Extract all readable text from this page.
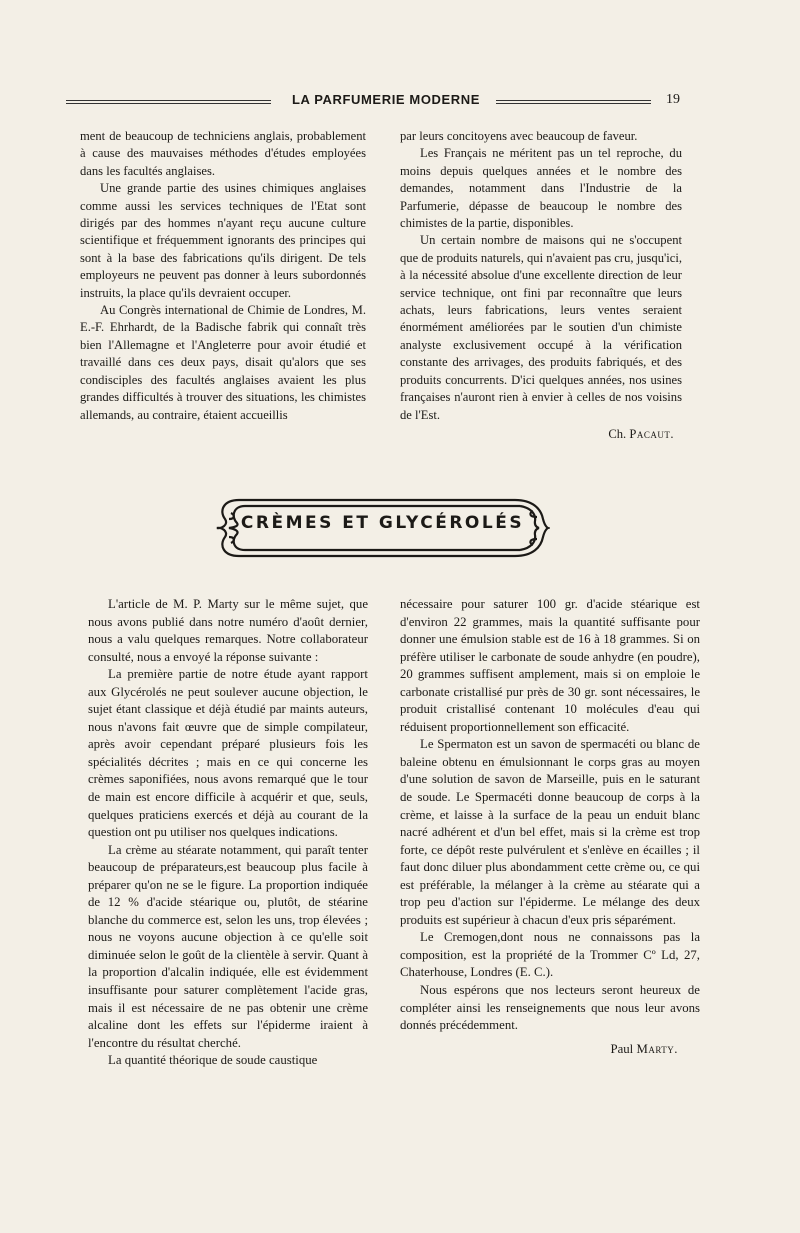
LA PARFUMERIE MODERNE	19

ment de beaucoup de techniciens anglais, probablement à cause des mauvaises méthodes d'études employées dans les facultés anglaises.

Une grande partie des usines chimiques anglaises comme aussi les services techniques de l'Etat sont dirigés par des hommes n'ayant reçu aucune culture scientifique et fréquemment ignorants des principes qui sont à la base des fabrications qu'ils dirigent. De tels employeurs ne peuvent pas donner à leurs subordonnés instruits, la place qu'ils devraient occuper.

Au Congrès international de Chimie de Londres, M. E.-F. Ehrhardt, de la Badische fabrik qui connaît très bien l'Allemagne et l'Angleterre pour avoir étudié et travaillé dans ces deux pays, disait qu'alors que ses condisciples des facultés anglaises avaient les plus grandes difficultés à trouver des situations, les chimistes allemands, au contraire, étaient accueillis

par leurs concitoyens avec beaucoup de faveur.

Les Français ne méritent pas un tel reproche, du moins depuis quelques années et le nombre des demandes, notamment dans l'Industrie de la Parfumerie, dépasse de beaucoup le nombre des chimistes de la partie, disponibles.

Un certain nombre de maisons qui ne s'occupent que de produits naturels, qui n'avaient pas cru, jusqu'ici, à la nécessité absolue d'une excellente direction de leur service technique, ont fini par reconnaître que leurs achats, leurs fabrications, leurs ventes seraient énormément améliorées par le soutien d'un chimiste analyste exclusivement occupé à la vérification constante des arrivages, des produits fabriqués, et des produits concurrents. D'ici quelques années, nos usines françaises n'auront rien à envier à celles de nos voisins de l'Est.

Ch. Pacaut.
CRÈMES ET GLYCÉROLÉS

L'article de M. P. Marty sur le même sujet, que nous avons publié dans notre numéro d'août dernier, nous a valu quelques remarques. Notre collaborateur consulté, nous a envoyé la réponse suivante :

La première partie de notre étude ayant rapport aux Glycérolés ne peut soulever aucune objection, le sujet étant classique et déjà étudié par maints auteurs, nous n'avons fait œuvre que de simple compilateur, après avoir cependant préparé plusieurs fois les spécialités décrites ; mais en ce qui concerne les crèmes saponifiées, nous avons remarqué que le tour de main est encore difficile à acquérir et que, seuls, quelques praticiens exercés et déjà au courant de la question ont pu utiliser nos quelques indications.

La crème au stéarate notamment, qui paraît tenter beaucoup de préparateurs,est beaucoup plus facile à préparer qu'on ne se le figure. La proportion indiquée de 12 % d'acide stéarique ou, plutôt, de stéarine blanche du commerce est, selon les uns, trop élevées ; nous ne voyons aucune objection à ce qu'elle soit diminuée selon le goût de la clientèle à servir. Quant à la proportion d'alcalin indiquée, elle est évidemment insuffisante pour saturer complètement l'acide gras, mais il est nécessaire de ne pas obtenir une crème alcaline dont les effets sur l'épiderme iraient à l'encontre du résultat cherché.

La quantité théorique de soude caustique

nécessaire pour saturer 100 gr. d'acide stéarique est d'environ 22 grammes, mais la quantité suffisante pour donner une émulsion stable est de 16 à 18 grammes. Si on préfère utiliser le carbonate de soude anhydre (en poudre), 20 grammes suffisent amplement, mais si on emploie le carbonate cristallisé pur près de 30 gr. sont nécessaires, le produit cristallisé contenant 10 molécules d'eau qui réduisent proportionnellement son efficacité.

Le Spermaton est un savon de spermacéti ou blanc de baleine obtenu en émulsionnant le corps gras au moyen d'une solution de savon de Marseille, puis en le saturant de soude. Le Spermacéti donne beaucoup de corps à la crème, et laisse à la surface de la peau un enduit blanc nacré adhérent et d'un bel effet, mais si la crème est trop forte, ce dépôt reste pulvérulent et s'enlève en écailles ; il faut donc diluer plus abondamment cette crème ou, ce qui est préférable, la mélanger à la crème au stéarate qui a trop peu d'action sur l'épiderme. Le mélange des deux produits est supérieur à chacun d'eux pris séparément.

Le Cremogen,dont nous ne connaissons pas la composition, est la propriété de la Trommer Cº Ld, 27, Chaterhouse, Londres (E. C.).

Nous espérons que nos lecteurs seront heureux de compléter ainsi les renseignements que nous leur avons donnés précédemment.

Paul Marty.
